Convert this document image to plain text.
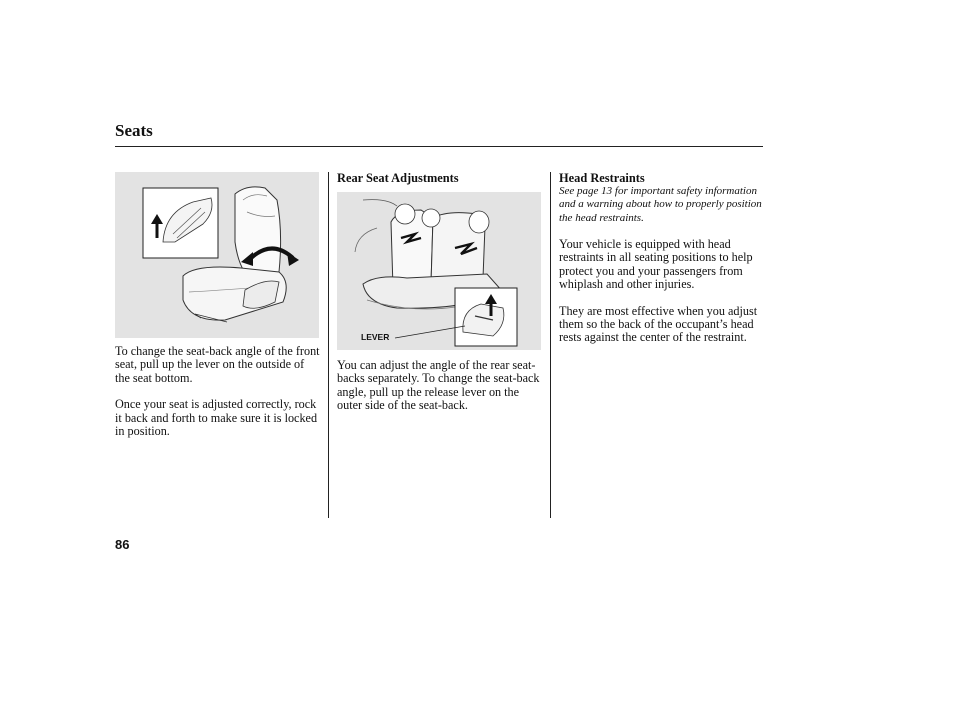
Seats

To change the seat-back angle of the front seat, pull up the lever on the outside of the seat bottom.

Once your seat is adjusted correctly, rock it back and forth to make sure it is locked in position.

Rear Seat Adjustments
LEVER

You can adjust the angle of the rear seat-backs separately. To change the seat-back angle, pull up the release lever on the outer side of the seat-back.

Head Restraints
See page 13 for important safety information and a warning about how to properly position the head restraints.

Your vehicle is equipped with head restraints in all seating positions to help protect you and your passengers from whiplash and other injuries.

They are most effective when you adjust them so the back of the occupant’s head rests against the center of the restraint.

86
